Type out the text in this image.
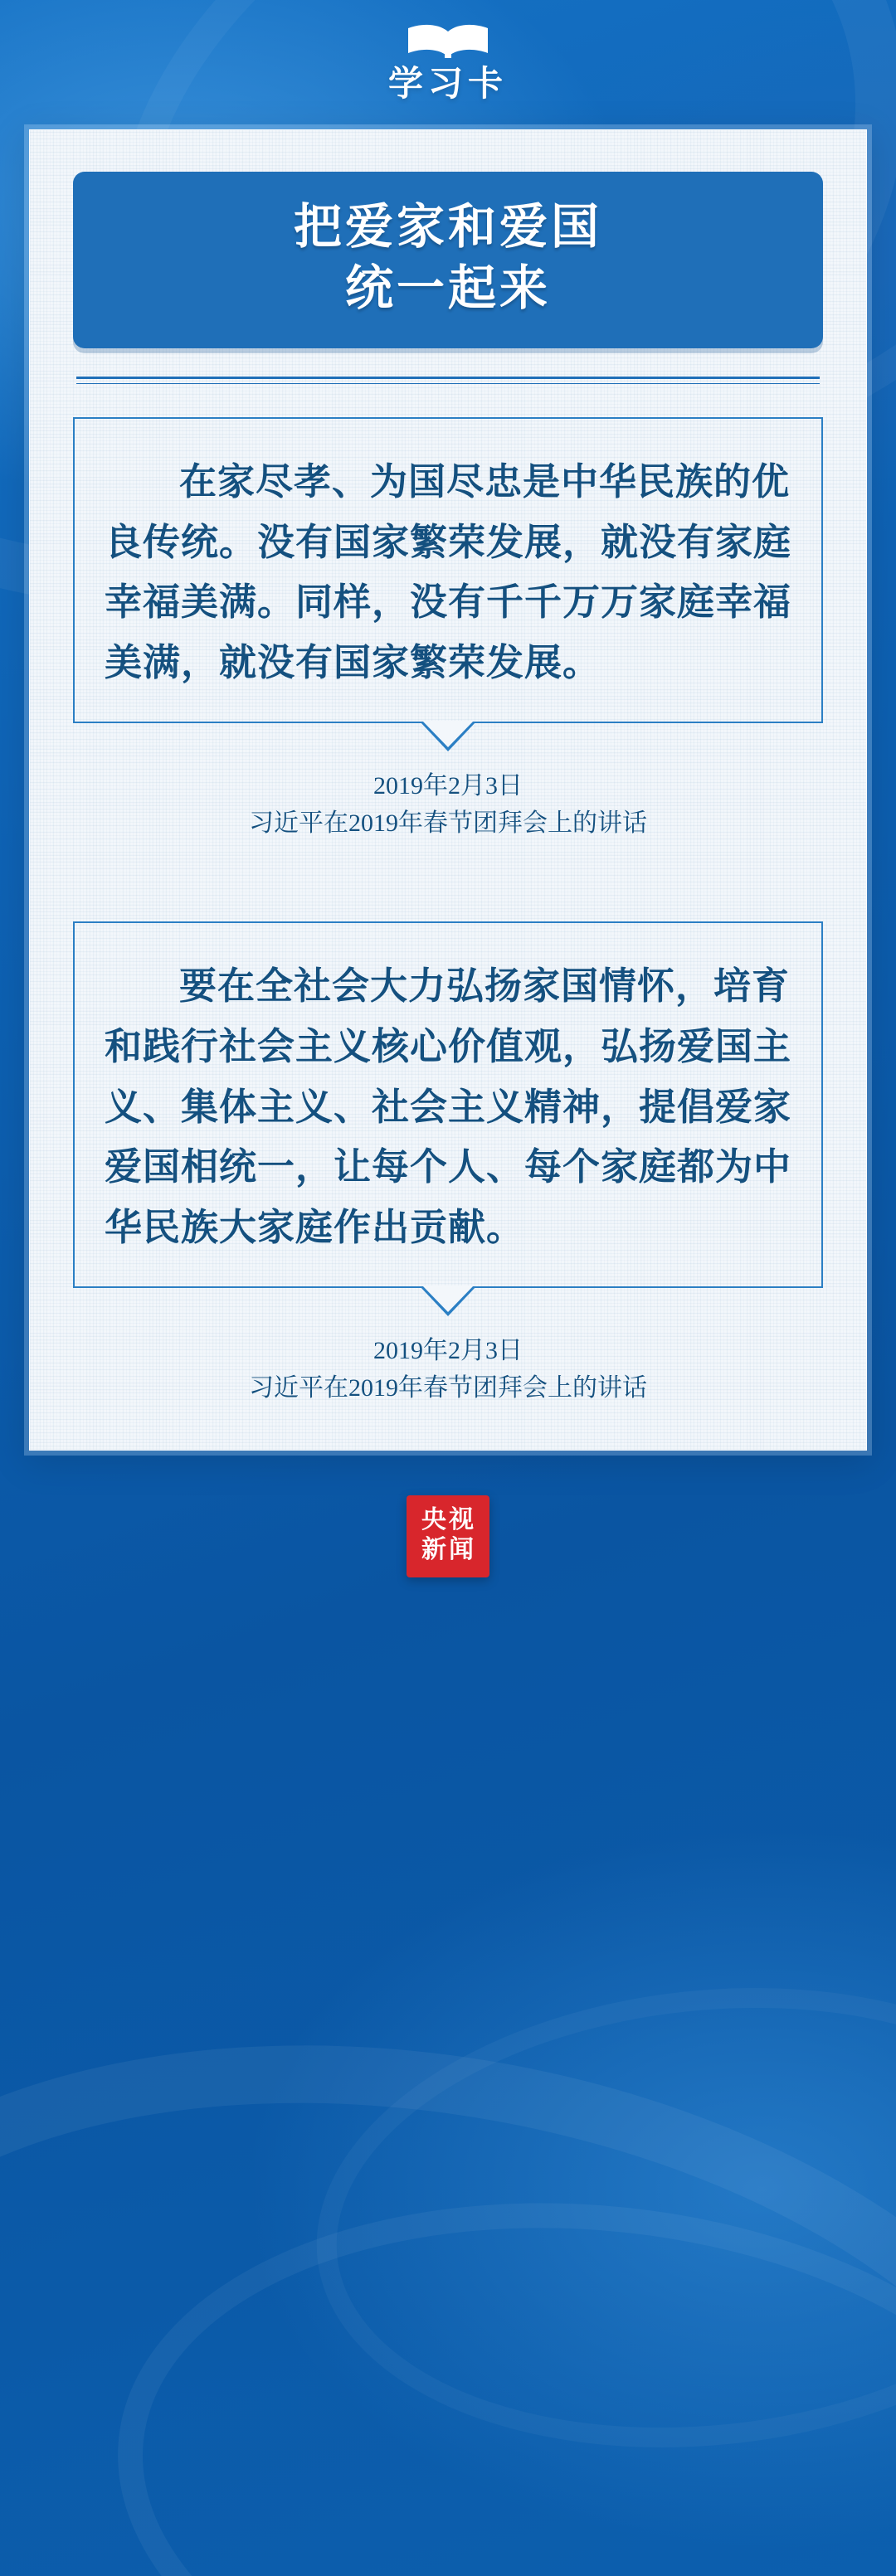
学习卡
把爱家和爱国
统一起来

在家尽孝、为国尽忠是中华民族的优良传统。没有国家繁荣发展，就没有家庭幸福美满。同样，没有千千万万家庭幸福美满，就没有国家繁荣发展。

2019年2月3日
习近平在2019年春节团拜会上的讲话

要在全社会大力弘扬家国情怀，培育和践行社会主义核心价值观，弘扬爱国主义、集体主义、社会主义精神，提倡爱家爱国相统一，让每个人、每个家庭都为中华民族大家庭作出贡献。

2019年2月3日
习近平在2019年春节团拜会上的讲话
央视
新闻
